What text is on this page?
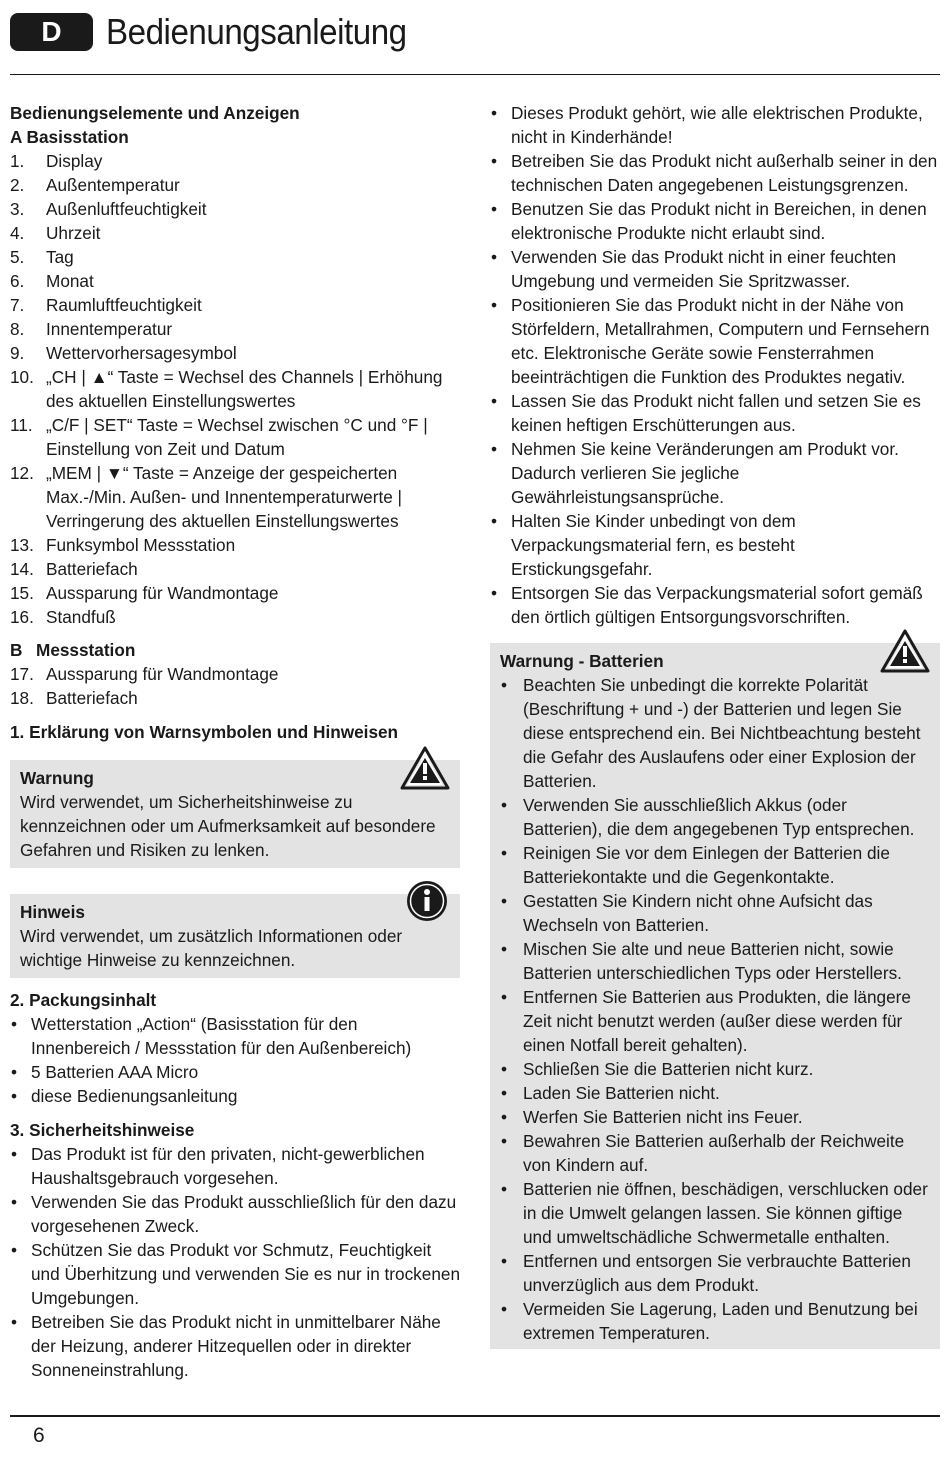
D	Bedienungsanleitung
Bedienungselemente und Anzeigen
A Basisstation
1.	Display
2.	Außentemperatur
3.	Außenluftfeuchtigkeit
4.	Uhrzeit
5.	Tag
6.	Monat
7.	Raumluftfeuchtigkeit
8.	Innentemperatur
9.	Wettervorhersagesymbol
10. „CH | ▲“ Taste = Wechsel des Channels | Erhöhung des aktuellen Einstellungswertes
11. „C/F | SET“ Taste = Wechsel zwischen °C und °F | Einstellung von Zeit und Datum
12. „MEM | ▼“ Taste = Anzeige der gespeicherten Max.-/Min. Außen- und Innentemperaturwerte | Verringerung des aktuellen Einstellungswertes
13. Funksymbol Messstation
14. Batteriefach
15. Aussparung für Wandmontage
16. Standfuß
B Messstation
17. Aussparung für Wandmontage
18. Batteriefach
1. Erklärung von Warnsymbolen und Hinweisen
Warnung
Wird verwendet, um Sicherheitshinweise zu kennzeichnen oder um Aufmerksamkeit auf besondere Gefahren und Risiken zu lenken.
Hinweis
Wird verwendet, um zusätzlich Informationen oder wichtige Hinweise zu kennzeichnen.
2. Packungsinhalt
• Wetterstation „Action“ (Basisstation für den Innenbereich / Messstation für den Außenbereich)
• 5 Batterien AAA Micro
• diese Bedienungsanleitung
3. Sicherheitshinweise
• Das Produkt ist für den privaten, nicht-gewerblichen Haushaltsgebrauch vorgesehen.
• Verwenden Sie das Produkt ausschließlich für den dazu vorgesehenen Zweck.
• Schützen Sie das Produkt vor Schmutz, Feuchtigkeit und Überhitzung und verwenden Sie es nur in trockenen Umgebungen.
• Betreiben Sie das Produkt nicht in unmittelbarer Nähe der Heizung, anderer Hitzequellen oder in direkter Sonneneinstrahlung.
• Dieses Produkt gehört, wie alle elektrischen Produkte, nicht in Kinderhände!
• Betreiben Sie das Produkt nicht außerhalb seiner in den technischen Daten angegebenen Leistungsgrenzen.
• Benutzen Sie das Produkt nicht in Bereichen, in denen elektronische Produkte nicht erlaubt sind.
• Verwenden Sie das Produkt nicht in einer feuchten Umgebung und vermeiden Sie Spritzwasser.
• Positionieren Sie das Produkt nicht in der Nähe von Störfeldern, Metallrahmen, Computern und Fernsehern etc. Elektronische Geräte sowie Fensterrahmen beeinträchtigen die Funktion des Produktes negativ.
• Lassen Sie das Produkt nicht fallen und setzen Sie es keinen heftigen Erschütterungen aus.
• Nehmen Sie keine Veränderungen am Produkt vor. Dadurch verlieren Sie jegliche Gewährleistungsansprüche.
• Halten Sie Kinder unbedingt von dem Verpackungsmaterial fern, es besteht Erstickungsgefahr.
• Entsorgen Sie das Verpackungsmaterial sofort gemäß den örtlich gültigen Entsorgungsvorschriften.
Warnung - Batterien
• Beachten Sie unbedingt die korrekte Polarität (Beschriftung + und -) der Batterien und legen Sie diese entsprechend ein. Bei Nichtbeachtung besteht die Gefahr des Auslaufens oder einer Explosion der Batterien.
• Verwenden Sie ausschließlich Akkus (oder Batterien), die dem angegebenen Typ entsprechen.
• Reinigen Sie vor dem Einlegen der Batterien die Batteriekontakte und die Gegenkontakte.
• Gestatten Sie Kindern nicht ohne Aufsicht das Wechseln von Batterien.
• Mischen Sie alte und neue Batterien nicht, sowie Batterien unterschiedlichen Typs oder Herstellers.
• Entfernen Sie Batterien aus Produkten, die längere Zeit nicht benutzt werden (außer diese werden für einen Notfall bereit gehalten).
• Schließen Sie die Batterien nicht kurz.
• Laden Sie Batterien nicht.
• Werfen Sie Batterien nicht ins Feuer.
• Bewahren Sie Batterien außerhalb der Reichweite von Kindern auf.
• Batterien nie öffnen, beschädigen, verschlucken oder in die Umwelt gelangen lassen. Sie können giftige und umweltschädliche Schwermetalle enthalten.
• Entfernen und entsorgen Sie verbrauchte Batterien unverzüglich aus dem Produkt.
• Vermeiden Sie Lagerung, Laden und Benutzung bei extremen Temperaturen.
6
